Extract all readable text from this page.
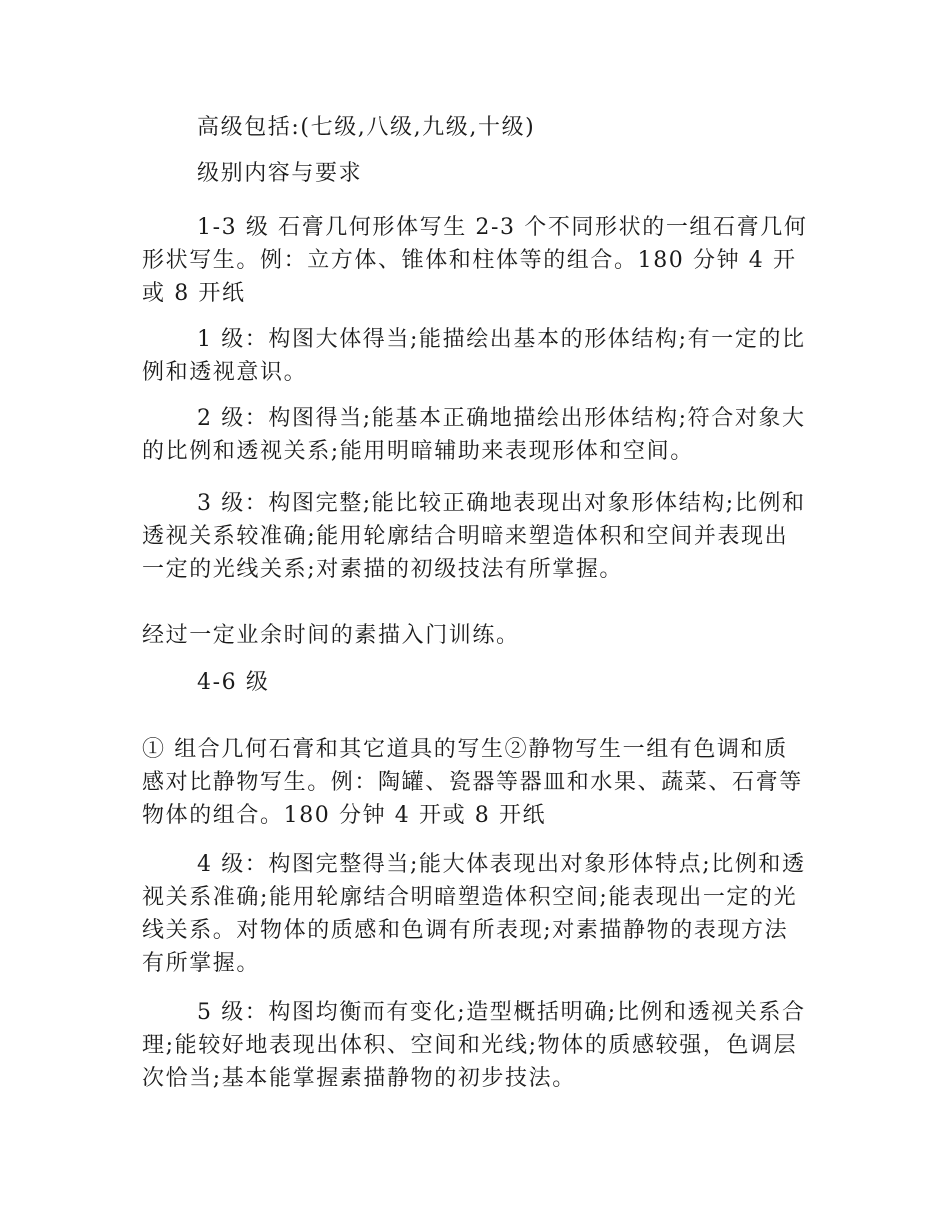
高级包括:(七级,八级,九级,十级)

级别内容与要求

1-3 级 石膏几何形体写生 2-3 个不同形状的一组石膏几何形状写生。例：立方体、锥体和柱体等的组合。180 分钟 4 开或 8 开纸

1 级：构图大体得当;能描绘出基本的形体结构;有一定的比例和透视意识。

2 级：构图得当;能基本正确地描绘出形体结构;符合对象大的比例和透视关系;能用明暗辅助来表现形体和空间。

3 级：构图完整;能比较正确地表现出对象形体结构;比例和透视关系较准确;能用轮廓结合明暗来塑造体积和空间并表现出一定的光线关系;对素描的初级技法有所掌握。

经过一定业余时间的素描入门训练。

4-6 级

① 组合几何石膏和其它道具的写生②静物写生一组有色调和质感对比静物写生。例：陶罐、瓷器等器皿和水果、蔬菜、石膏等物体的组合。180 分钟 4 开或 8 开纸

4 级：构图完整得当;能大体表现出对象形体特点;比例和透视关系准确;能用轮廓结合明暗塑造体积空间;能表现出一定的光线关系。对物体的质感和色调有所表现;对素描静物的表现方法有所掌握。

5 级：构图均衡而有变化;造型概括明确;比例和透视关系合理;能较好地表现出体积、空间和光线;物体的质感较强，色调层次恰当;基本能掌握素描静物的初步技法。
